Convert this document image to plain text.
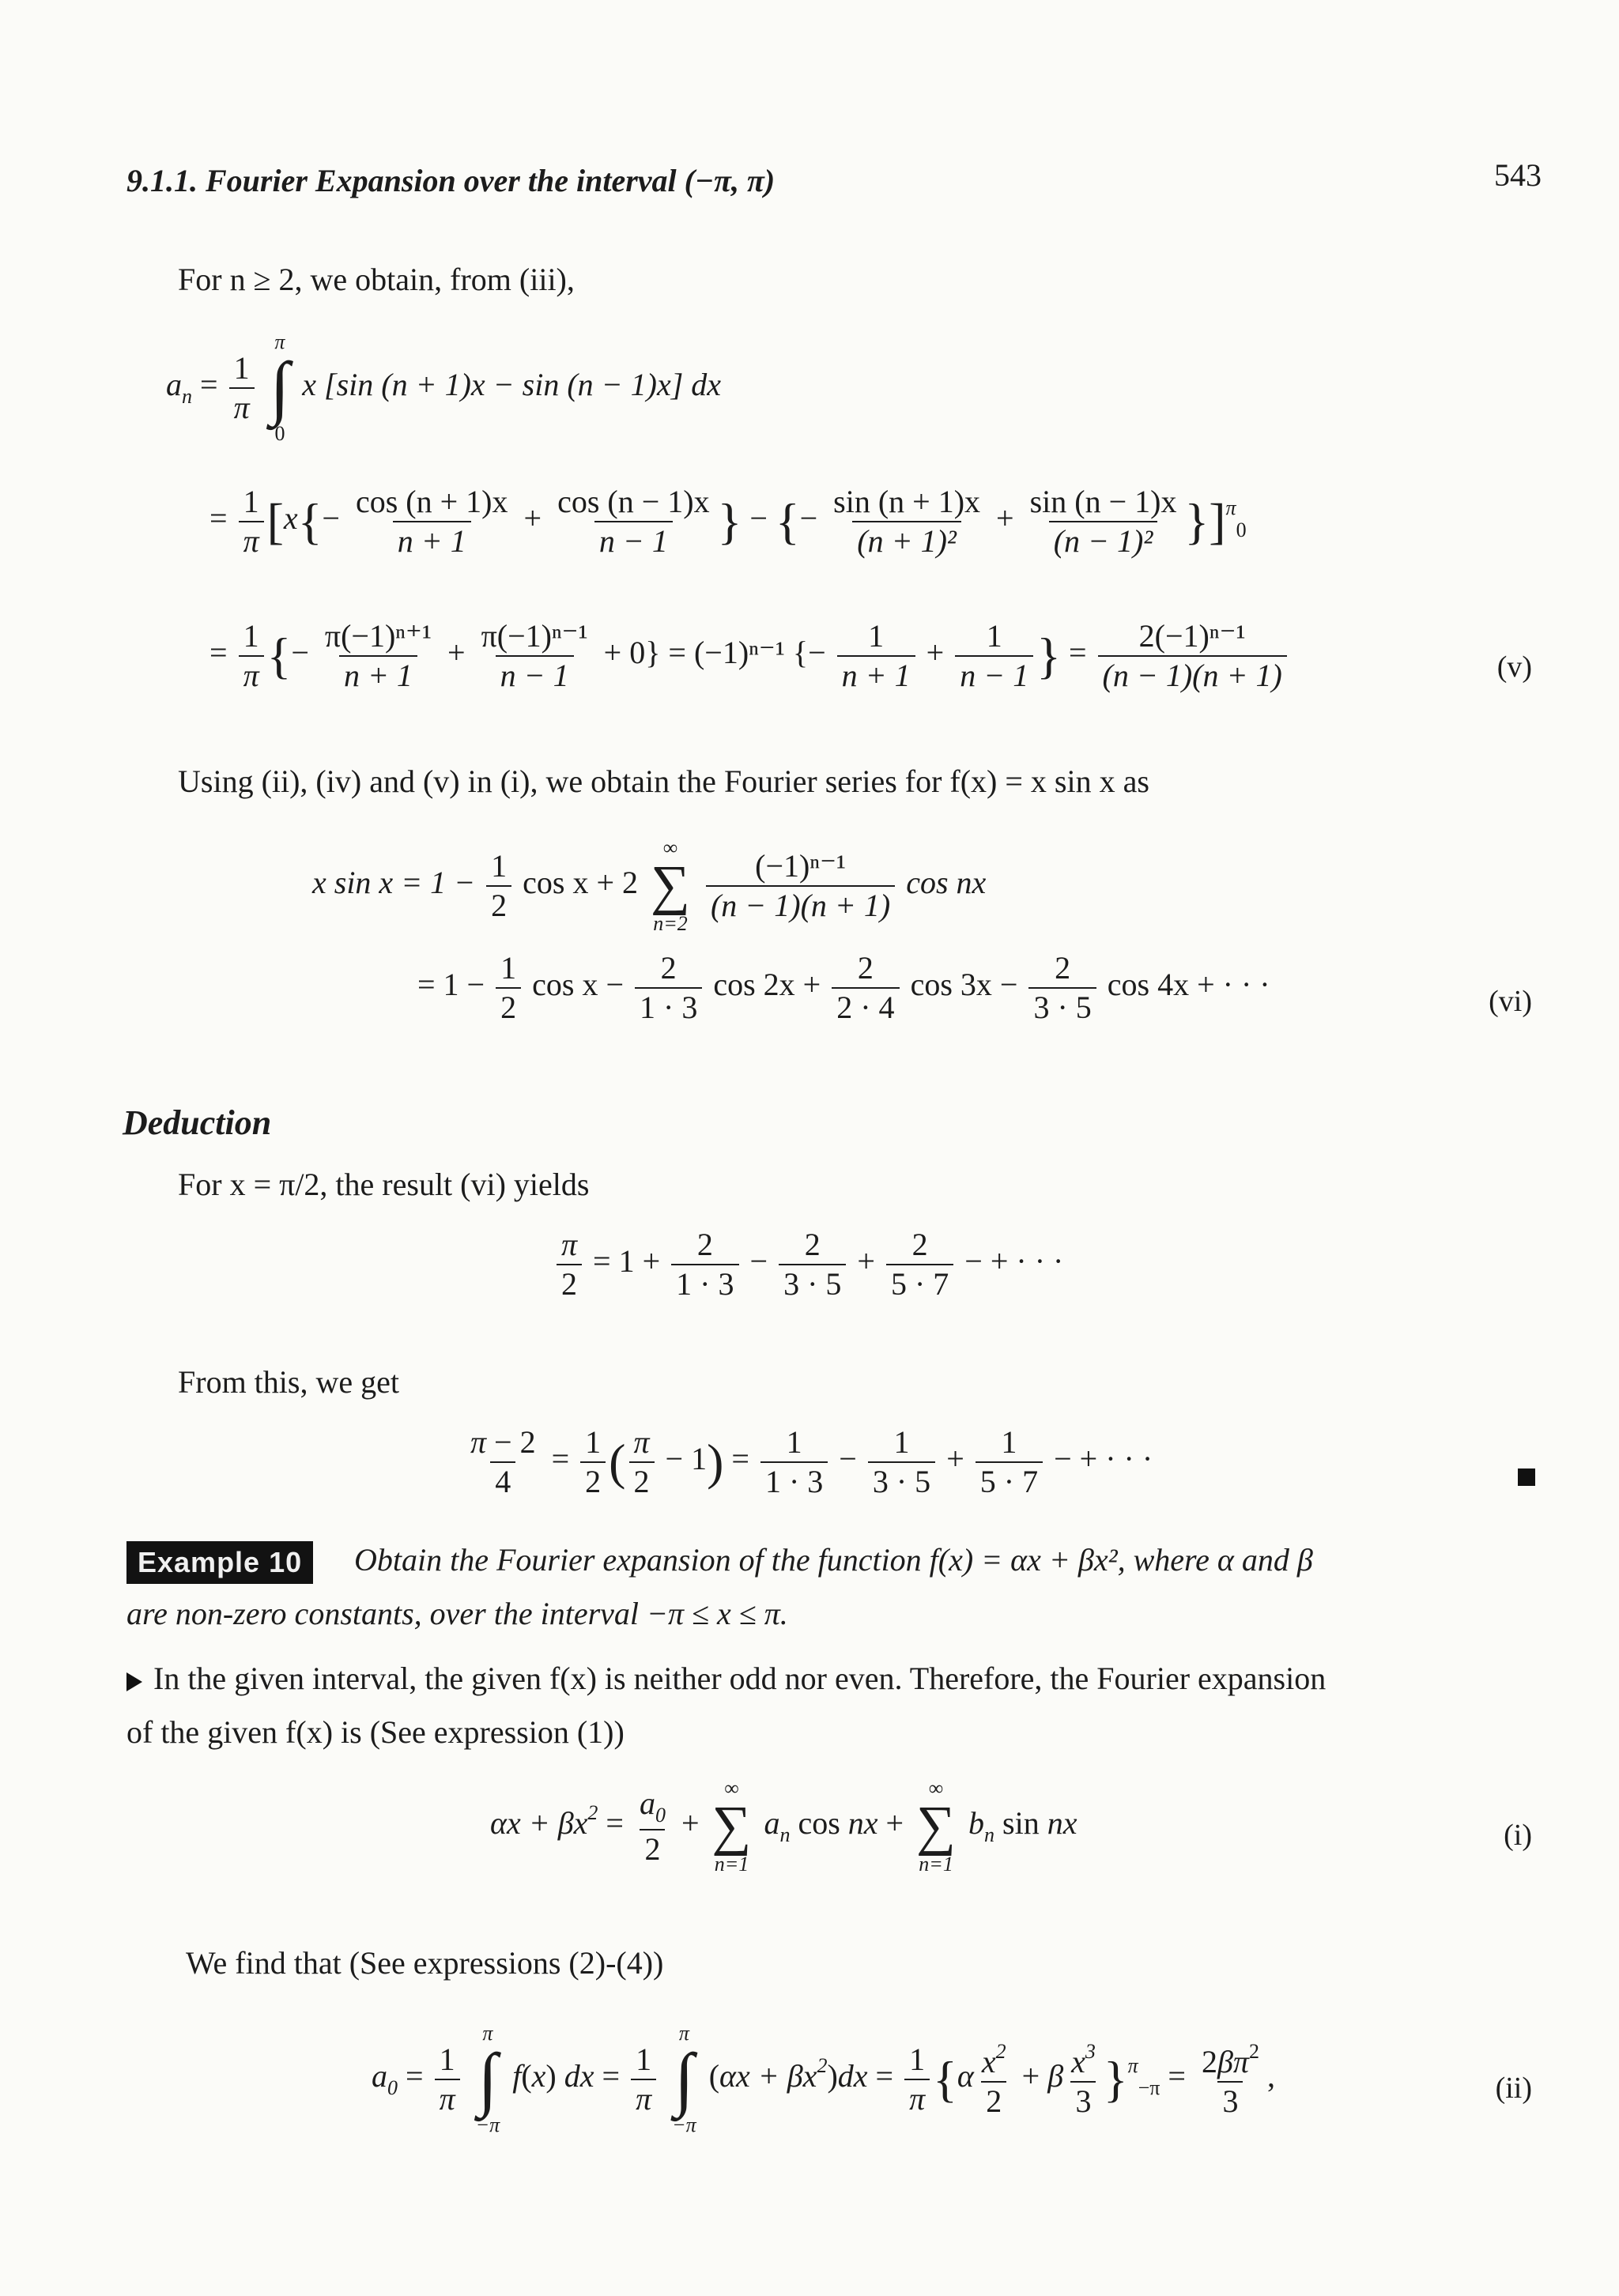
9.1.1. Fourier Expansion over the interval (−π, π)	543
For n ≥ 2, we obtain, from (iii),
$a_n = \frac{1}{\pi}$

π
∫
0
x [sin (n + 1)x − sin (n − 1)x] dx
= $\frac{1}{\pi} [x\{- \frac{\cos (n + 1)x}{n + 1} + \frac{\cos (n - 1)x}{n - 1}$ } − {− $\frac{\sin (n + 1)x}{\text{(n + 1)²}} + \frac{\sin (n - 1)x}{\text{(n − 1)²}} \}]^\pi_0$
= $\frac{1}{\pi}$ {− $\frac{\text{π(−1)ⁿ⁺¹}}{n + 1} + \frac{\text{π(−1)ⁿ⁻¹}}{n - 1} + 0\} = (-1)^{n-1}$ {− $\frac{1}{n + 1} + \frac{1}{n - 1}$ } = $\frac{\text{2(−1)ⁿ⁻¹}}{(n - 1)(n + 1)}$	(v)
Using (ii), (iv) and (v) in (i), we obtain the Fourier series for f(x) = x sin x as
x $\sin x = 1 - \frac{1}{2}$ cos x + 2
∞
∑
n=2

$\frac{\text{(−1)ⁿ⁻¹}}{(n - 1)(n + 1)}$ cos nx
= $1 - \frac{1}{2}$ $\cos x - \frac{2}{1 \cdot 3}$ $\cos 2x + \frac{2}{2 \cdot 4}$ $\cos 3x - \frac{2}{3 \cdot 5}$ cos 4x + · · ·	(vi)
Deduction
For x = π/2, the result (vi) yields
$\frac{\pi}{2} = 1 + \frac{2}{1 \cdot 3} - \frac{2}{3 \cdot 5} + \frac{2}{5 \cdot 7}$ − + · · ·
From this, we get
$\frac{\pi - 2}{4} = \frac{1}{2}$ ( $\frac{\pi}{2} - 1) = \frac{1}{1 \cdot 3} - \frac{1}{3 \cdot 5} + \frac{1}{5 \cdot 7}$ − + · · ·
Example 10	Obtain the Fourier expansion of the function f(x) = αx + βx², where α and β
are non-zero constants, over the interval −π ≤ x ≤ π.
In the given interval, the given f(x) is neither odd nor even. Therefore, the Fourier expansion
of the given f(x) is (See expression (1))
$\alpha x + \beta x^2 = \frac{a_0}{2}$ +
∞
∑
n=1
$a_n$ cos nx +
∞
∑
n=1
$b_n$ sin nx	(i)
We find that (See expressions (2)-(4))
$a_0 = \frac{1}{\pi}$

π
∫
−π
f(x) dx = $\frac{1}{\pi}$

π
∫
−π
$(\alpha x + \beta x^2)dx = \frac{1}{\pi} \{\alpha \frac{x^2}{2} + \beta \frac{x^3}{3} \}^\pi_{-\pi} = \frac{2\beta\pi^2}{3}$ ,	(ii)
